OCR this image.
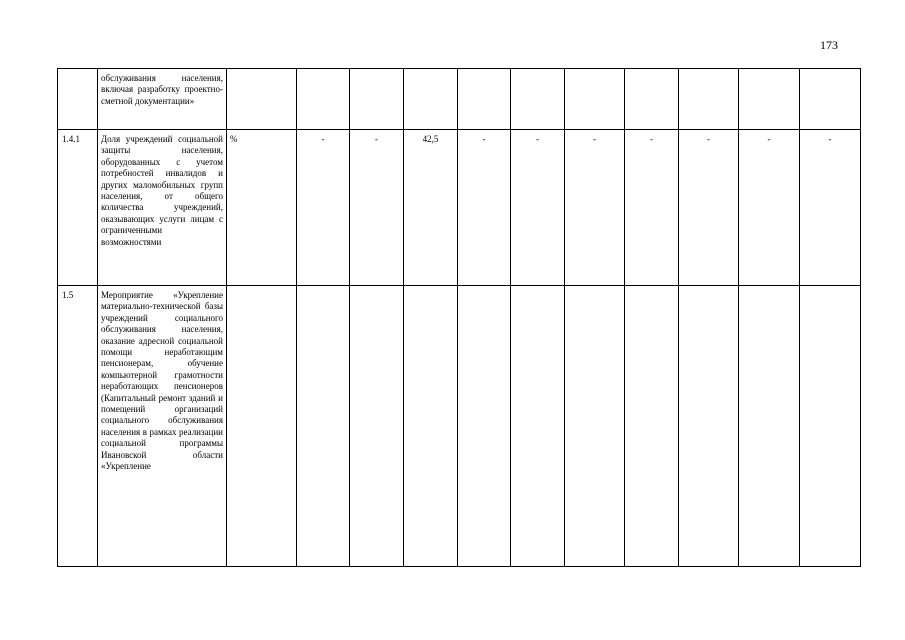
173
	обслуживания населения, включая разработку проектно-сметной документации»											
1.4.1	Доля учреждений социальной защиты населения, оборудованных с учетом потребностей инвалидов и других маломобильных групп населения, от общего количества учреждений, оказывающих услуги лицам с ограниченными возможностями	%	-	-	42,5	-	-	-	-	-	-	-
1.5	Мероприятие «Укрепление материально-технической базы учреждений социального обслуживания населения, оказание адресной социальной помощи неработающим пенсионерам, обучение компьютерной грамотности неработающих пенсионеров (Капитальный ремонт зданий и помещений организаций социального обслуживания населения в рамках реализации социальной программы Ивановской области «Укрепление											
